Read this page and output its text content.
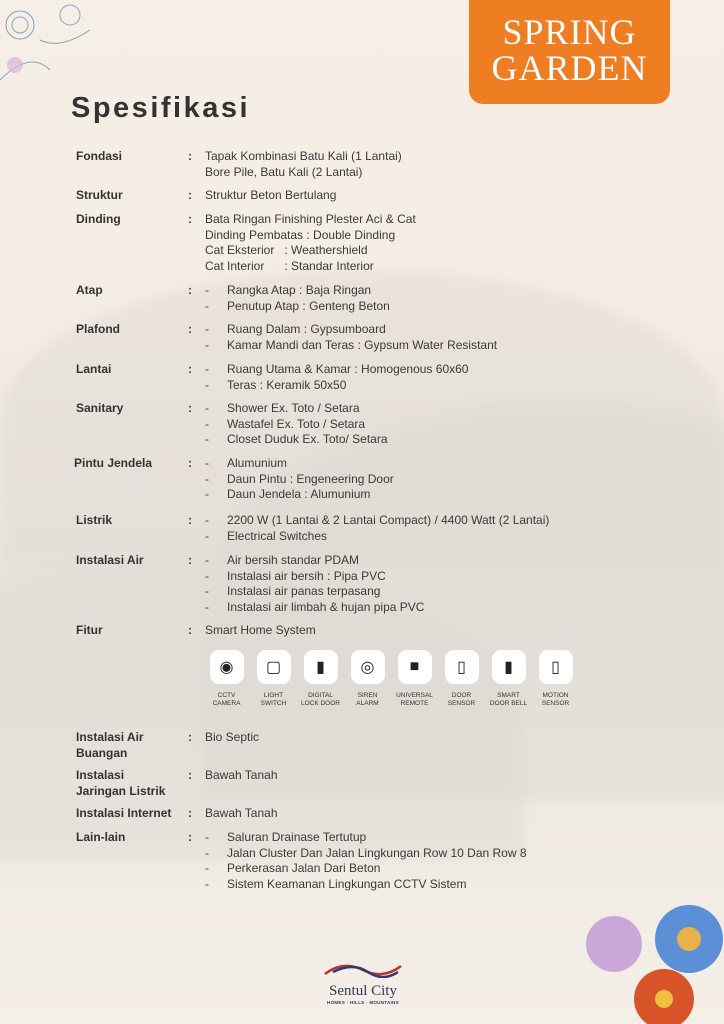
SPRING
GARDEN
Spesifikasi
Fondasi	: Tapak Kombinasi Batu Kali (1 Lantai)
Bore Pile, Batu Kali (2 Lantai)
Struktur	: Struktur Beton Bertulang
Dinding	: Bata Ringan Finishing Plester Aci & Cat
Dinding Pembatas : Double Dinding
Cat Eksterior   : Weathershield
Cat Interior      : Standar Interior
Atap	: - Rangka Atap : Baja Ringan
- Penutup Atap : Genteng Beton
Plafond	: - Ruang Dalam : Gypsumboard
- Kamar Mandi dan Teras : Gypsum Water Resistant
Lantai	: - Ruang Utama & Kamar : Homogenous 60x60
- Teras : Keramik 50x50
Sanitary	: - Shower Ex. Toto / Setara
- Wastafel Ex. Toto / Setara
- Closet Duduk Ex. Toto/ Setara
Pintu Jendela	: - Alumunium
- Daun Pintu : Engeneering Door
- Daun Jendela : Alumunium
Listrik	: - 2200 W (1 Lantai & 2 Lantai Compact) / 4400 Watt (2 Lantai)
- Electrical Switches
Instalasi Air	: - Air bersih standar PDAM
- Instalasi air bersih : Pipa PVC
- Instalasi air panas terpasang
- Instalasi air limbah & hujan pipa PVC
Fitur	: Smart Home System
Instalasi Air Buangan
: Bio Septic
Instalasi Jaringan Listrik
: Bawah Tanah
Instalasi Internet	: Bawah Tanah
Lain-lain	: - Saluran Drainase Tertutup
- Jalan Cluster Dan Jalan Lingkungan Row 10 Dan Row 8
- Perkerasan Jalan Dari Beton
- Sistem Keamanan Lingkungan CCTV Sistem
◉
CCTV
CAMERA
▢
LIGHT
SWITCH
▮
DIGITAL
LOCK DOOR
◎
SIREN
ALARM
■
UNIVERSAL
REMOTE
▯
DOOR
SENSOR
▮
SMART
DOOR BELL
▯
MOTION
SENSOR
Sentul City
HOMES · HILLS · MOUNTAINS
